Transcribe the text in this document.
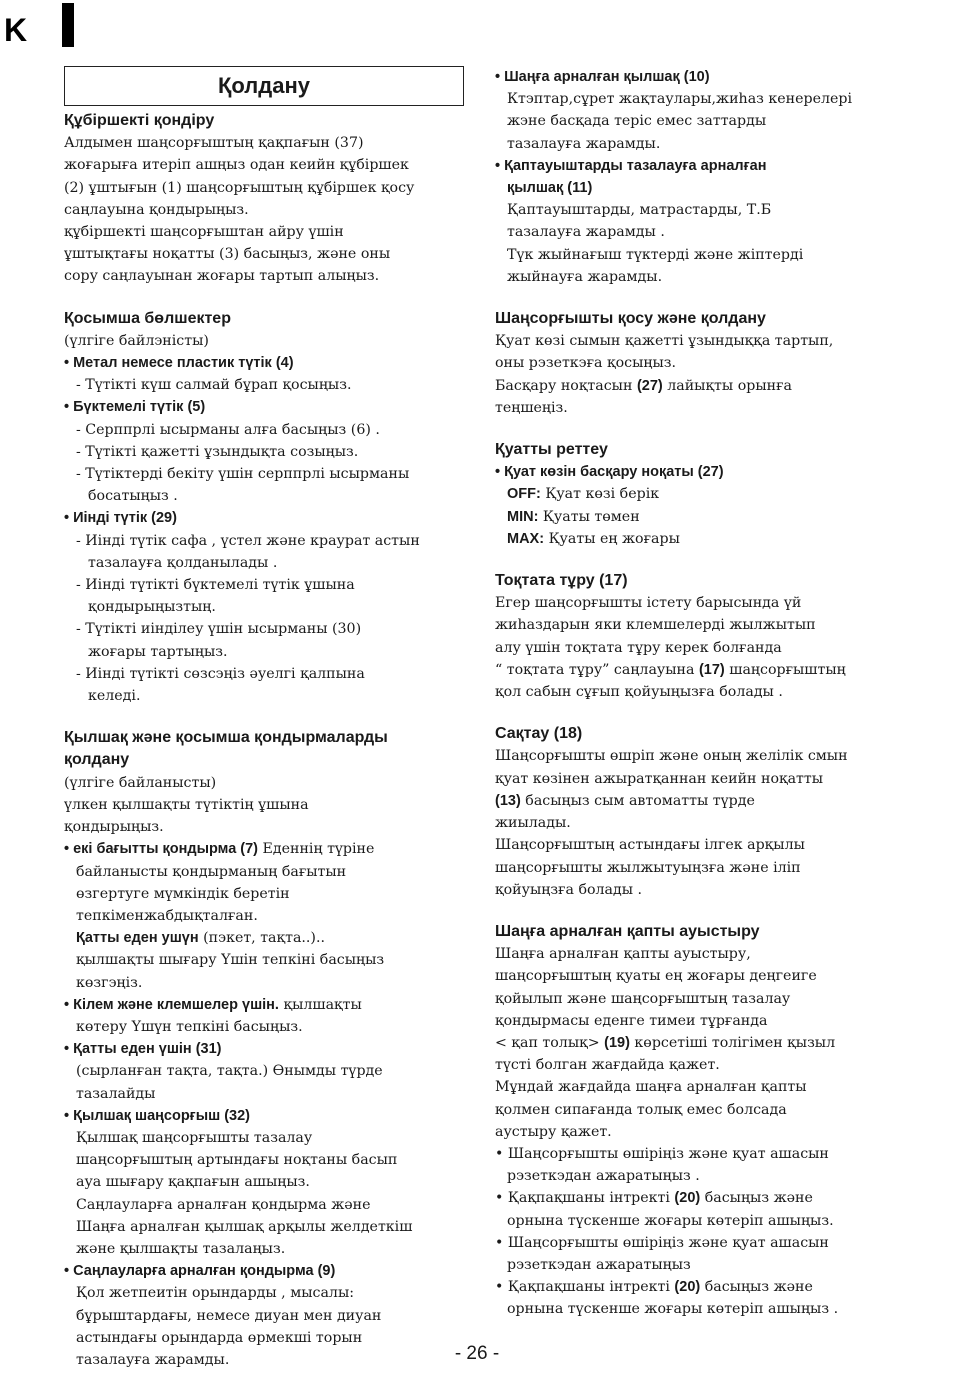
K
Қолдану
Құбіршекті қондіру
Алдымен шаңсорғыштың қақпағын (37)
жоғарыға итеріп ашңыз одан кеийн құбіршек
(2) ұштығын (1) шаңсорғыштың құбіршек қосу
саңлауына қондырыңыз.
құбіршекті шаңсорғыштан айру үшін
ұштықтағы ноқатты (3) басыңыз, және оны
сору саңлауынан жоғары тартып алыңыз.
Қосымша бөлшектер
(үлгіге байлэністы)
• Метал немесе пластик түтік (4)
- Түтікті күш салмай бұрап қосыңыз.
• Бүктемелі түтік (5)
- Серппрлі ысырманы алға басыңыз (6) .
- Түтікті қажетті ұзындықта созыңыз.
- Түтіктерді бекіту үшін серппрлі ысырманы
босатыңыз .
• Иінді түтік (29)
- Иінді түтік сафа , үстел және краурат астын
тазалауға қолданылады .
- Иінді түтікті бүктемелі түтік ұшына
қондырыңызтың.
- Түтікті иінділеу үшін ысырманы (30)
жоғары тартыңыз.
- Иінді түтікті сөзсэңіз әуелгі қалпына
келеді.
Қылшақ және қосымша қондырмаларды
қолдану
(үлгіге байланысты)
үлкен қылшақты түтіктің ұшына
қондырыңыз.
• екі бағытты қондырма (7) Еденнің түріне
байланысты қондырманың бағытын
өзгертуге мүмкіндік беретін
тепкіменжабдықталған.
Қатты еден ушүн (пэкет, тақта..)..
қылшақты шығару Үшін тепкіні басыңыз
көзгэңіз.
• Кілем және клемшелер үшін. қылшақты
көтеру Үшүн тепкіні басыңыз.
• Қатты еден үшін (31)
(сырланған тақта, тақта.) Өнымды түрде
тазалайды
• Қылшақ шаңсорғыш (32)
Қылшақ шаңсорғышты тазалау
шаңсорғыштың артындағы ноқтаны басып
ауа шығару қақпағын ашыңыз.
Саңлауларға арналған қондырма және
Шаңға арналған қылшақ арқылы желдеткіш
және қылшақты тазалаңыз.
• Саңлауларға арналған қондырма (9)
Қол жетпеитін орындарды , мысалы:
бұрыштардағы, немесе диуан мен диуан
астындағы орындарда өрмекші торын
тазалауға жарамды.
• Шаңға арналған қылшақ (10)
Ктэптар,сұрет жақтаулары,жиһаз кенерелері
жэне басқада теріс емес заттарды
тазалауға жарамды.
• Қаптауыштарды тазалауға арналған
қылшақ (11)
Қаптауыштарды, матрастарды, Т.Б
тазалауға жарамды .
Түк жыйнағыш түктерді және жіптерді
жыйнауға жарамды.
Шаңсорғышты қосу және қолдану
Қуат көзі сымын қажетті ұзындыққа тартып,
оны рэзеткэға қосыңыз.
Басқару ноқтасын (27) лайықты орынға
теңшеңіз.
Қуатты реттеу
• Қуат көзін басқару ноқаты (27)
OFF: Қуат көзі берік
MIN: Қуаты төмен
MAX: Қуаты ең жоғары
Тоқтата тұру (17)
Егер шаңсорғышты істету барысында үй
жиһаздарын яки клемшелерді жылжытып
алу үшін тоқтата тұру керек болғанда
“ тоқтата тұру” саңлауына (17) шаңсорғыштың
қол сабын сұғып қойуыңызға болады .
Сақтау (18)
Шаңсорғышты өшріп және оның желілік смын
қуат көзінен ажыратқаннан кеийн ноқатты
(13) басыңыз сым автоматты түрде
жиылады.
Шаңсорғыштың астындағы ілгек арқылы
шаңсорғышты жылжытуыңзға және іліп
қойуыңзға болады .
Шаңға арналған қапты ауыстыру
Шаңға арналған қапты ауыстыру,
шаңсорғыштың қуаты ең жоғары деңгеиге
қойылып және шаңсорғыштың тазалау
қондырмасы еденге тимеи тұрғанда
< қап толық> (19) көрсетіші толігімен қызыл
түсті болган жағдайда қажет.
Мұндай жағдайда шаңға арналған қапты
қолмен сипағанда толық емес болсада
аустыру қажет.
• Шаңсорғышты өшіріңіз және қуат ашасын
рэзеткэдан ажаратыңыз .
• Қақпақшаны інтректі (20) басыңыз және
орнына түскенше жоғары көтеріп ашыңыз.
• Шаңсорғышты өшіріңіз және қуат ашасын
рэзеткэдан ажаратыңыз
• Қақпақшаны інтректі (20) басыңыз және
орнына түскенше жоғары көтеріп ашыңыз .
- 26 -
